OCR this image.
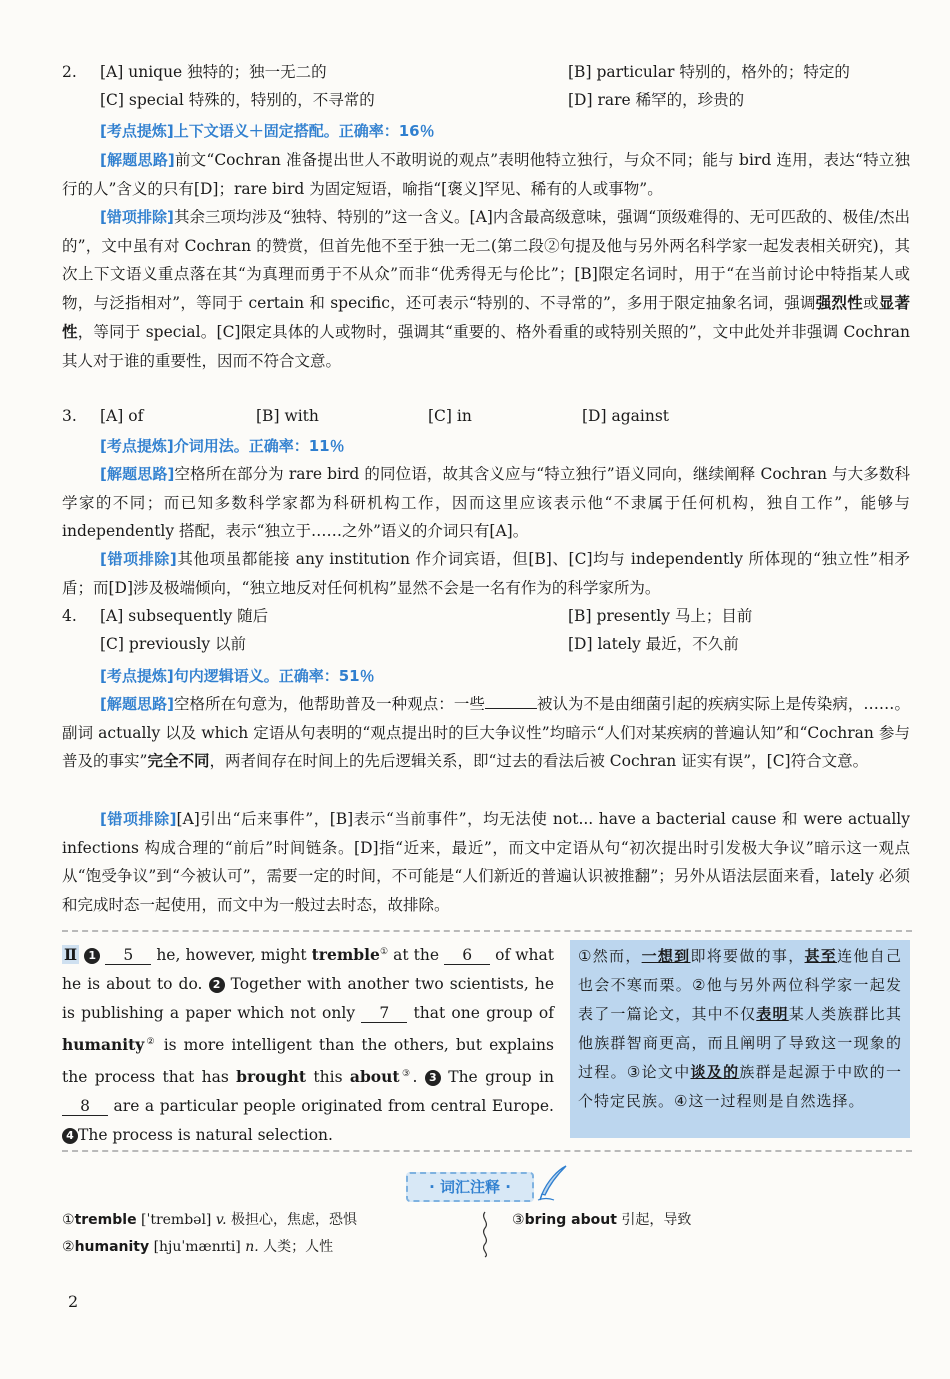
2. [A] unique 独特的；独一无二的	[B] particular 特别的，格外的；特定的
[C] special 特殊的，特别的，不寻常的	[D] rare 稀罕的，珍贵的
[考点提炼]上下文语义＋固定搭配。正确率：16％
[解题思路]前文“Cochran 准备提出世人不敢明说的观点”表明他特立独行，与众不同；能与 bird 连用，表达“特立独行的人”含义的只有[D]；rare bird 为固定短语，喻指“[褒义]罕见、稀有的人或事物”。
[错项排除]其余三项均涉及“独特、特别的”这一含义。[A]内含最高级意味，强调“顶级难得的、无可匹敌的、极佳/杰出的”，文中虽有对 Cochran 的赞赏，但首先他不至于独一无二(第二段②句提及他与另外两名科学家一起发表相关研究)，其次上下文语义重点落在其“为真理而勇于不从众”而非“优秀得无与伦比”；[B]限定名词时，用于“在当前讨论中特指某人或物，与泛指相对”，等同于 certain 和 specific，还可表示“特别的、不寻常的”，多用于限定抽象名词，强调强烈性或显著性，等同于 special。[C]限定具体的人或物时，强调其“重要的、格外看重的或特别关照的”，文中此处并非强调 Cochran 其人对于谁的重要性，因而不符合文意。
3. [A] of	[B] with	[C] in	[D] against
[考点提炼]介词用法。正确率：11％
[解题思路]空格所在部分为 rare bird 的同位语，故其含义应与“特立独行”语义同向，继续阐释 Cochran 与大多数科学家的不同；而已知多数科学家都为科研机构工作，因而这里应该表示他“不隶属于任何机构，独自工作”，能够与 independently 搭配，表示“独立于……之外”语义的介词只有[A]。
[错项排除]其他项虽都能接 any institution 作介词宾语，但[B]、[C]均与 independently 所体现的“独立性”相矛盾；而[D]涉及极端倾向，“独立地反对任何机构”显然不会是一名有作为的科学家所为。
4. [A] subsequently 随后	[B] presently 马上；目前
[C] previously 以前	[D] lately 最近，不久前
[考点提炼]句内逻辑语义。正确率：51％
[解题思路]空格所在句意为，他帮助普及一种观点：一些	被认为不是由细菌引起的疾病实际上是传染病，……。副词 actually 以及 which 定语从句表明的“观点提出时的巨大争议性”均暗示“人们对某疾病的普遍认知”和“Cochran 参与普及的事实”完全不同，两者间存在时间上的先后逻辑关系，即“过去的看法后被 Cochran 证实有误”，[C]符合文意。
[错项排除][A]引出“后来事件”，[B]表示“当前事件”，均无法使 not... have a bacterial cause 和 were actually infections 构成合理的“前后”时间链条。[D]指“近来，最近”，而文中定语从句“初次提出时引发极大争议”暗示这一观点从“饱受争议”到“今被认可”，需要一定的时间，不可能是“人们新近的普遍认识被推翻”；另外从语法层面来看，lately 必须和完成时态一起使用，而文中为一般过去时态，故排除。
Ⅱ 1 5 he, however, might tremble① at the 6 of what he is about to do. 2 Together with another two scientists, he is publishing a paper which not only 7 that one group of humanity② is more intelligent than the others, but explains the process that has brought this about③. 3 The group in 8 are a particular people originated from central Europe. 4 The process is natural selection.
①然而，一想到即将要做的事，甚至连他自己也会不寒而栗。②他与另外两位科学家一起发表了一篇论文，其中不仅表明某人类族群比其他族群智商更高，而且阐明了导致这一现象的过程。③论文中谈及的族群是起源于中欧的一个特定民族。④这一过程则是自然选择。
· 词汇注释 ·
①tremble [ˈtrembəl] v. 极担心，焦虑，恐惧
②humanity [hjuˈmænɪti] n. 人类；人性
③bring about 引起，导致
2
